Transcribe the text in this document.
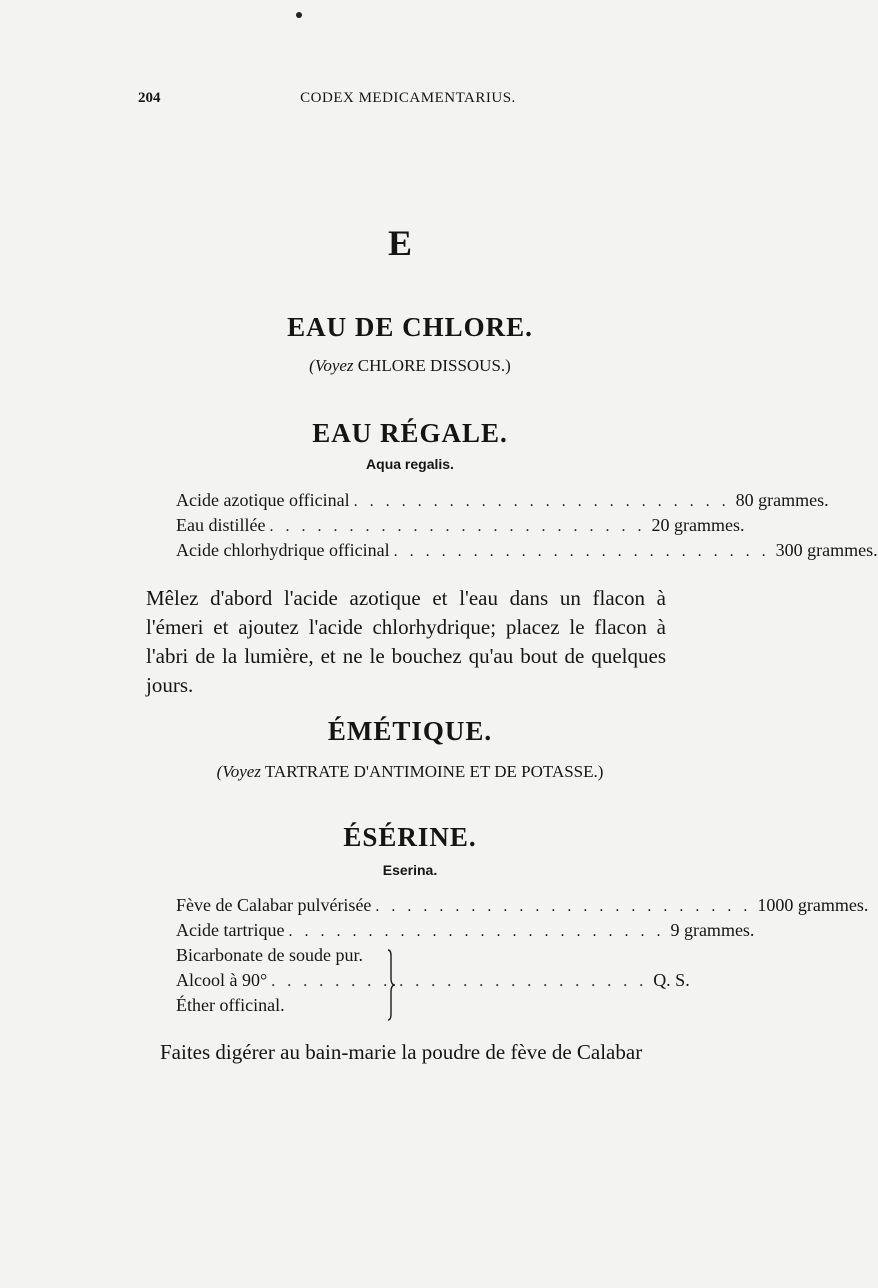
204	CODEX MEDICAMENTARIUS.
E
EAU DE CHLORE.
(Voyez CHLORE DISSOUS.)
EAU RÉGALE.
Aqua regalis.
Acide azotique officinal . . . . . . . . . . . . . . . . . . . . . . . . 80 grammes.
Eau distillée . . . . . . . . . . . . . . . . . . . . . . . . 20 grammes.
Acide chlorhydrique officinal . . . . . . . . . . . . . . . . . . . . . . . . 300 grammes.
Mêlez d'abord l'acide azotique et l'eau dans un flacon à l'émeri et ajoutez l'acide chlorhydrique; placez le flacon à l'abri de la lumière, et ne le bouchez qu'au bout de quelques jours.
ÉMÉTIQUE.
(Voyez TARTRATE D'ANTIMOINE ET DE POTASSE.)
ÉSÉRINE.
Eserina.
Fève de Calabar pulvérisée . . . . . . . . . . . . . . . . . . . . . . . . 1000 grammes.
Acide tartrique . . . . . . . . . . . . . . . . . . . . . . . . 9 grammes.
Bicarbonate de soude pur.
Alcool à 90° . . . . . . . . . . . . . . . . . . . . . . . . Q. S.
Éther officinal.
Faites digérer au bain-marie la poudre de fève de Calabar
